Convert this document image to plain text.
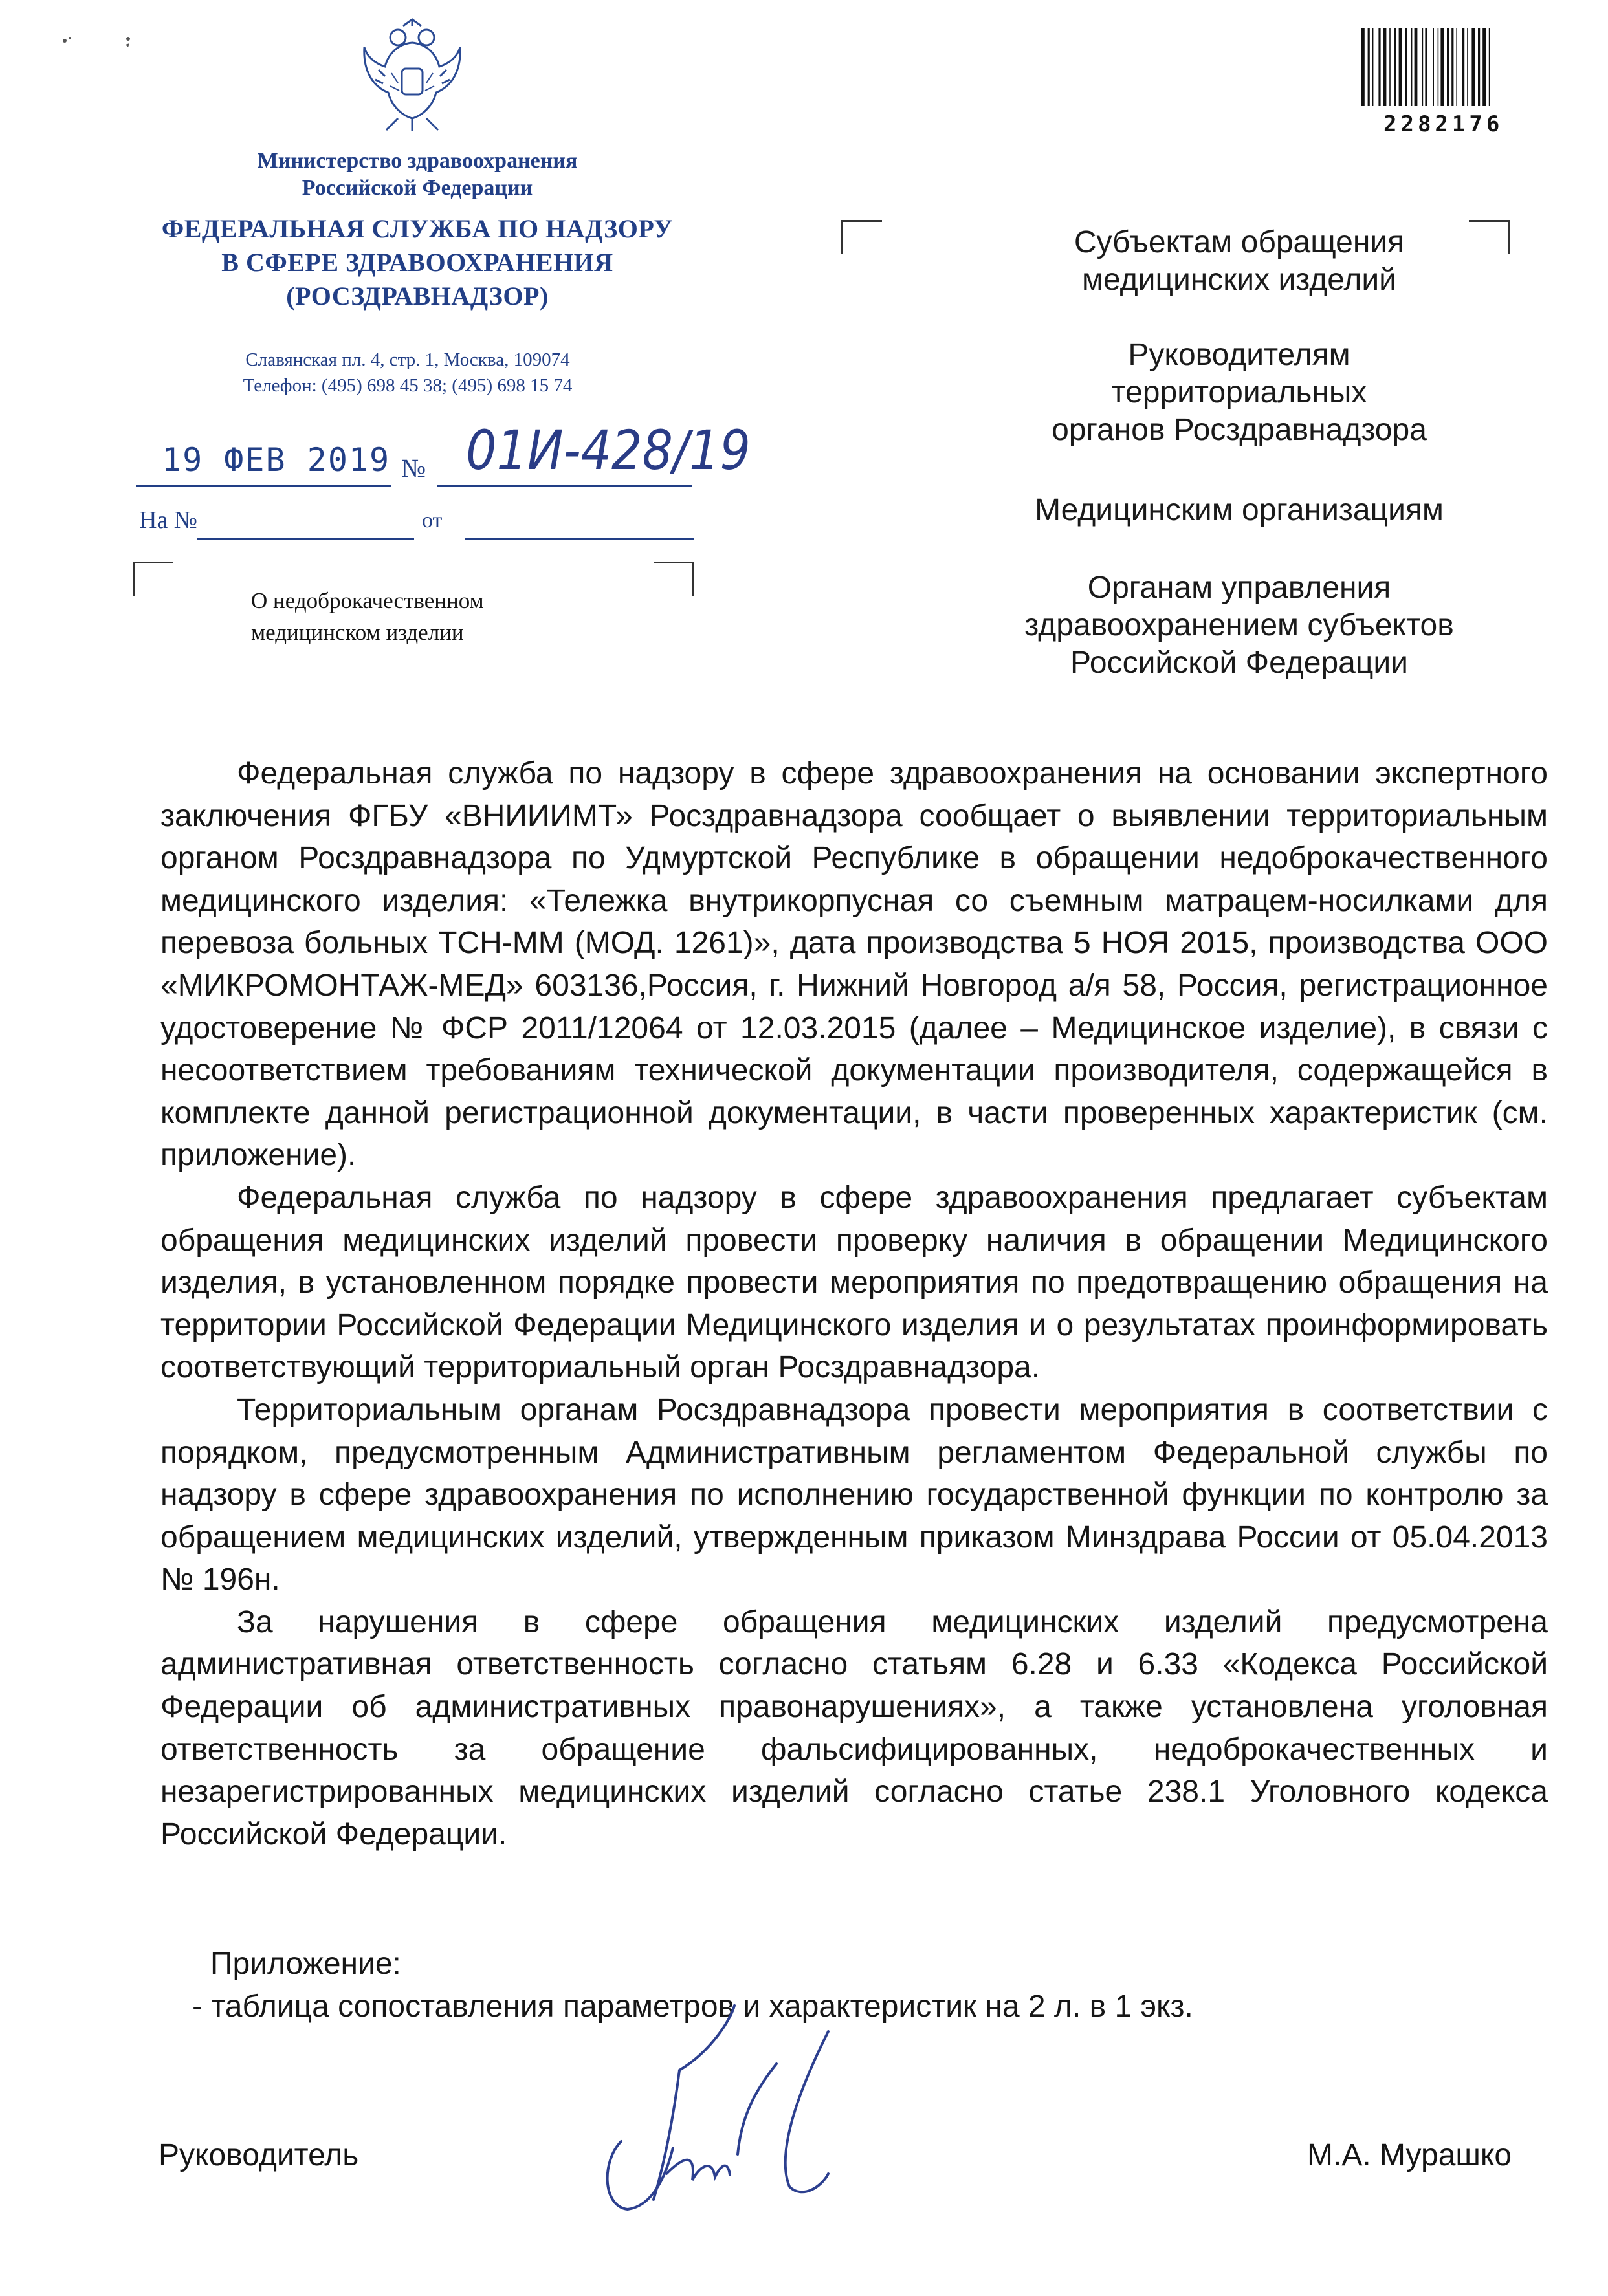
Министерство здравоохранения
Российской Федерации
ФЕДЕРАЛЬНАЯ СЛУЖБА ПО НАДЗОРУ
В СФЕРЕ ЗДРАВООХРАНЕНИЯ
(РОСЗДРАВНАДЗОР)
Славянская пл. 4, стр. 1, Москва, 109074
Телефон: (495) 698 45 38; (495) 698 15 74
19 ФЕВ 2019 № 01И-428/19
На №	от
О недоброкачественном
медицинском изделии
2282176
Субъектам обращения
медицинских изделий
Руководителям
территориальных
органов Росздравнадзора
Медицинским организациям
Органам управления
здравоохранением субъектов
Российской Федерации

Федеральная служба по надзору в сфере здравоохранения на основании экспертного заключения ФГБУ «ВНИИИМТ» Росздравнадзора сообщает о выявлении территориальным органом Росздравнадзора по Удмуртской Республике в обращении недоброкачественного медицинского изделия: «Тележка внутрикорпусная со съемным матрацем-носилками для перевоза больных ТСН-ММ (МОД. 1261)», дата производства 5 НОЯ 2015, производства ООО «МИКРОМОНТАЖ-МЕД» 603136,Россия, г. Нижний Новгород а/я 58, Россия, регистрационное удостоверение № ФСР 2011/12064 от 12.03.2015 (далее – Медицинское изделие), в связи с несоответствием требованиям технической документации производителя, содержащейся в комплекте данной регистрационной документации, в части проверенных характеристик (см. приложение).

Федеральная служба по надзору в сфере здравоохранения предлагает субъектам обращения медицинских изделий провести проверку наличия в обращении Медицинского изделия, в установленном порядке провести мероприятия по предотвращению обращения на территории Российской Федерации Медицинского изделия и о результатах проинформировать соответствующий территориальный орган Росздравнадзора.

Территориальным органам Росздравнадзора провести мероприятия в соответствии с порядком, предусмотренным Административным регламентом Федеральной службы по надзору в сфере здравоохранения по исполнению государственной функции по контролю за обращением медицинских изделий, утвержденным приказом Минздрава России от 05.04.2013 № 196н.

За нарушения в сфере обращения медицинских изделий предусмотрена административная ответственность согласно статьям 6.28 и 6.33 «Кодекса Российской Федерации об административных правонарушениях», а также установлена уголовная ответственность за обращение фальсифицированных, недоброкачественных и незарегистрированных медицинских изделий согласно статье 238.1 Уголовного кодекса Российской Федерации.

Приложение:
- таблица сопоставления параметров и характеристик на 2 л. в 1 экз.
Руководитель	М.А. Мурашко
